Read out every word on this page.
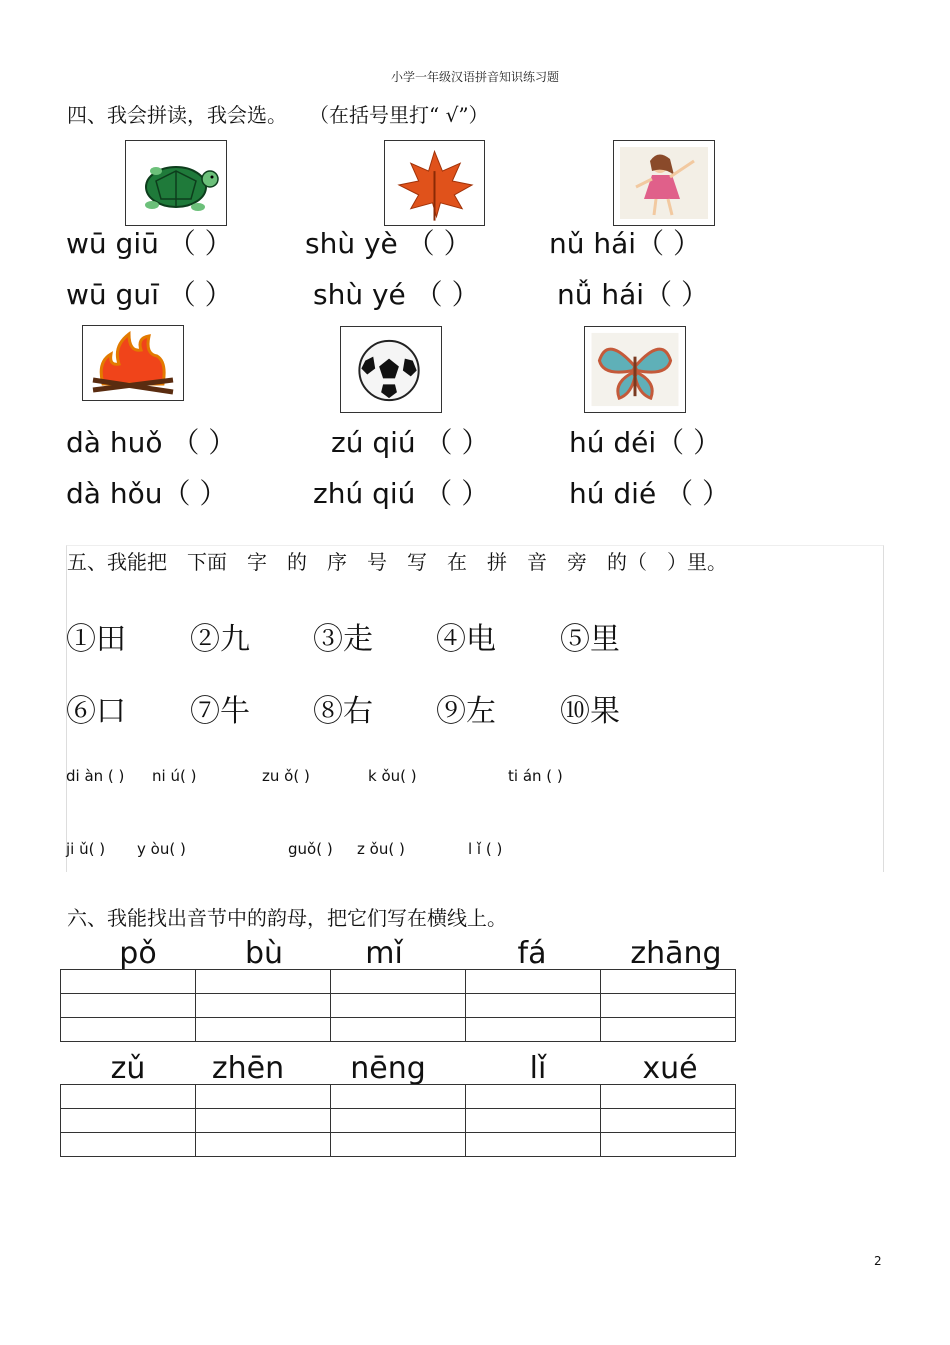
小学一年级汉语拼音知识练习题
四、我会拼读，我会选。 （在括号里打“ √”）
wū giū （ ）
wū guī （ ）
shù yè （ ）
shù yé （ ）
nǔ hái（ ）
nǚ hái（ ）
dà huǒ （ ）
dà hǒu（ ）
zú qiú （ ）
zhú qiú （ ）
hú déi（ ）
hú dié （ ）
五、我能把　下面　字　的　序　号　写　在　拼　音　旁　的（　）里。
①田 ②九 ③走 ④电 ⑤里
⑥口 ⑦牛 ⑧右 ⑨左 ⑩果
di àn ( ) ni ú( )	zu ǒ( )	k ǒu( )	ti án ( )
ji ǔ( ) y òu( )	guǒ( ) z ǒu( )	l ǐ ( )
六、我能找出音节中的韵母，把它们写在横线上。
pǒ	bù	mǐ	fá	zhāng

zǔ	zhēn	nēng	lǐ	xué

2
